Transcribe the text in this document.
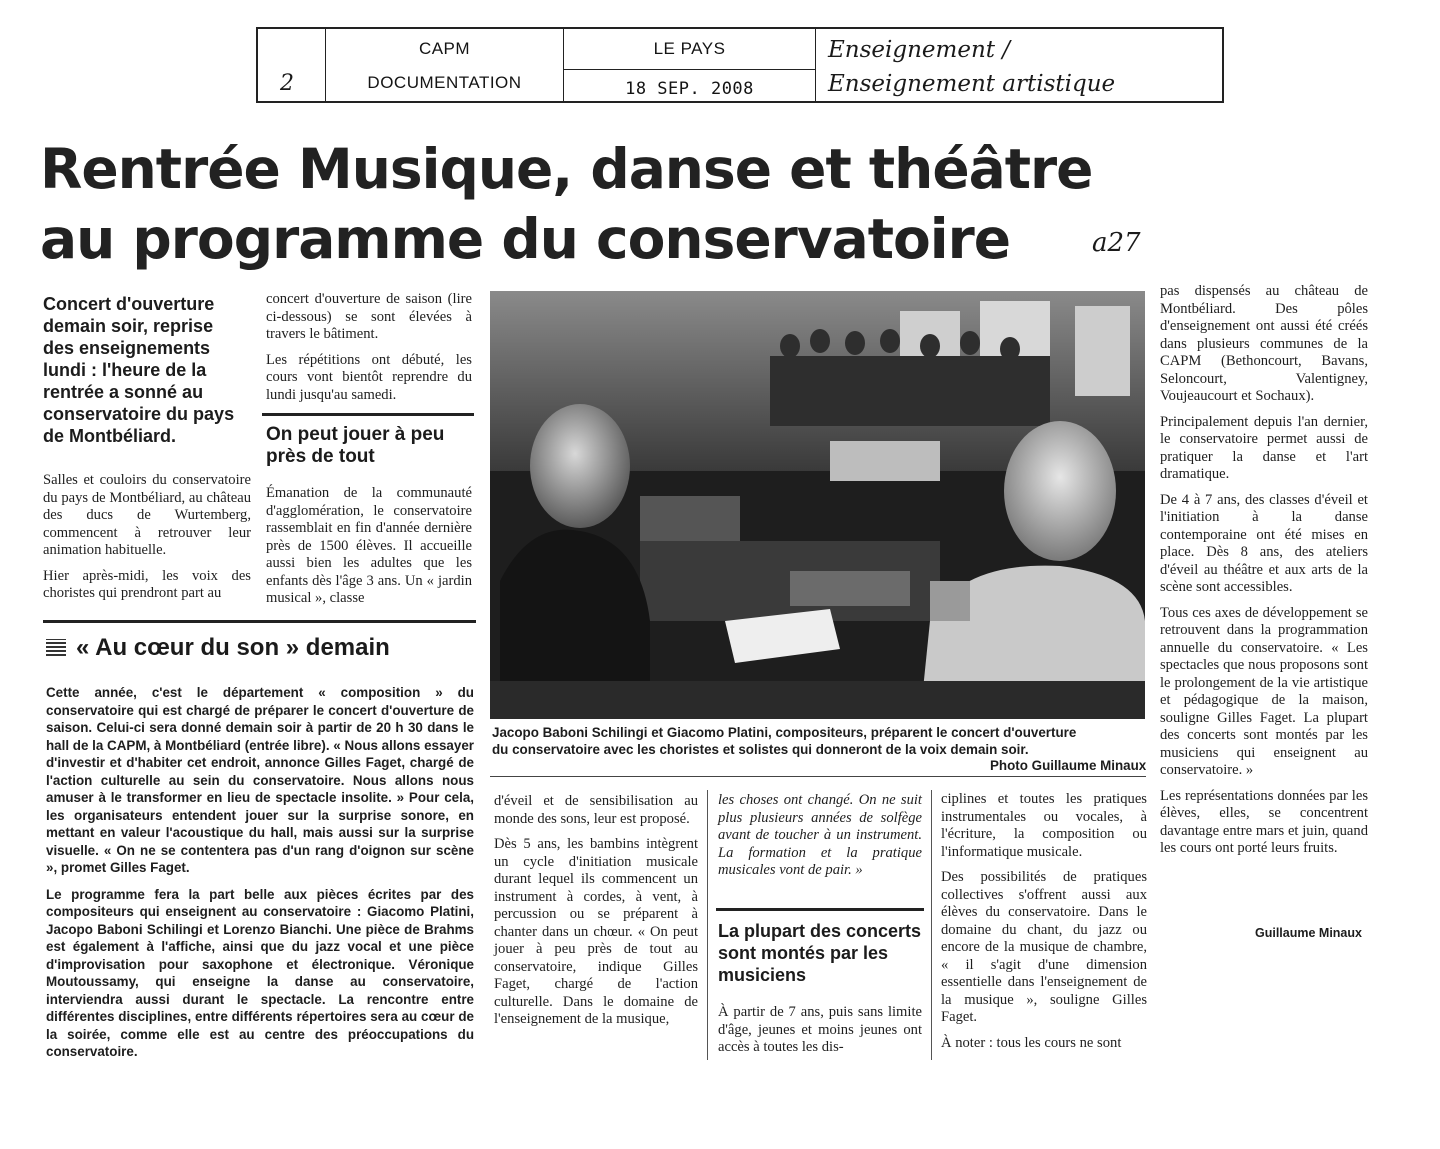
2
CAPM
DOCUMENTATION
LE PAYS
18 SEP. 2008
Enseignement /
Enseignement artistique
Rentrée Musique, danse et théâtre
au programme du conservatoire	a27
Concert d'ouverture demain soir, reprise des enseignements lundi : l'heure de la rentrée a sonné au conservatoire du pays de Montbéliard.

Salles et couloirs du conservatoire du pays de Montbéliard, au château des ducs de Wurtemberg, commencent à retrouver leur animation habituelle.

Hier après-midi, les voix des choristes qui prendront part au

concert d'ouverture de saison (lire ci-dessous) se sont élevées à travers le bâtiment.

Les répétitions ont débuté, les cours vont bientôt reprendre du lundi jusqu'au samedi.

On peut jouer à peu près de tout
Émanation de la communauté d'agglomération, le conservatoire rassemblait en fin d'année dernière près de 1500 élèves. Il accueille aussi bien les adultes que les enfants dès l'âge 3 ans. Un « jardin musical », classe
« Au cœur du son » demain

Cette année, c'est le département « composition » du conservatoire qui est chargé de préparer le concert d'ouverture de saison. Celui-ci sera donné demain soir à partir de 20 h 30 dans le hall de la CAPM, à Montbéliard (entrée libre). « Nous allons essayer d'investir et d'habiter cet endroit, annonce Gilles Faget, chargé de l'action culturelle au sein du conservatoire. Nous allons nous amuser à le transformer en lieu de spectacle insolite. » Pour cela, les organisateurs entendent jouer sur la surprise sonore, en mettant en valeur l'acoustique du hall, mais aussi sur la surprise visuelle. « On ne se contentera pas d'un rang d'oignon sur scène », promet Gilles Faget.

Le programme fera la part belle aux pièces écrites par des compositeurs qui enseignent au conservatoire : Giacomo Platini, Jacopo Baboni Schilingi et Lorenzo Bianchi. Une pièce de Brahms est également à l'affiche, ainsi que du jazz vocal et une pièce d'improvisation pour saxophone et électronique. Véronique Moutoussamy, qui enseigne la danse au conservatoire, interviendra aussi durant le spectacle. La rencontre entre différentes disciplines, entre différents répertoires sera au cœur de la soirée, comme elle est au centre des préoccupations du conservatoire.

Jacopo Baboni Schilingi et Giacomo Platini, compositeurs, préparent le concert d'ouverture du conservatoire avec les choristes et solistes qui donneront de la voix demain soir.
Photo Guillaume Minaux

d'éveil et de sensibilisation au monde des sons, leur est proposé.

Dès 5 ans, les bambins intègrent un cycle d'initiation musicale durant lequel ils commencent un instrument à cordes, à vent, à percussion ou se préparent à chanter dans un chœur. « On peut jouer à peu près de tout au conservatoire, indique Gilles Faget, chargé de l'action culturelle. Dans le domaine de l'enseignement de la musique,

les choses ont changé. On ne suit plus plusieurs années de solfège avant de toucher à un instrument. La formation et la pratique musicales vont de pair. »
La plupart des concerts sont montés par les musiciens
À partir de 7 ans, puis sans limite d'âge, jeunes et moins jeunes ont accès à toutes les dis-

ciplines et toutes les pratiques instrumentales ou vocales, à l'écriture, la composition ou l'informatique musicale.

Des possibilités de pratiques collectives s'offrent aussi aux élèves du conservatoire. Dans le domaine du chant, du jazz ou encore de la musique de chambre, « il s'agit d'une dimension essentielle dans l'enseignement de la musique », souligne Gilles Faget.

À noter : tous les cours ne sont

pas dispensés au château de Montbéliard. Des pôles d'enseignement ont aussi été créés dans plusieurs communes de la CAPM (Bethoncourt, Bavans, Seloncourt, Valentigney, Voujeaucourt et Sochaux).

Principalement depuis l'an dernier, le conservatoire permet aussi de pratiquer la danse et l'art dramatique.

De 4 à 7 ans, des classes d'éveil et l'initiation à la danse contemporaine ont été mises en place. Dès 8 ans, des ateliers d'éveil au théâtre et aux arts de la scène sont accessibles.

Tous ces axes de développement se retrouvent dans la programmation annuelle du conservatoire. « Les spectacles que nous proposons sont le prolongement de la vie artistique et pédagogique de la maison, souligne Gilles Faget. La plupart des concerts sont montés par les musiciens qui enseignent au conservatoire. »

Les représentations données par les élèves, elles, se concentrent davantage entre mars et juin, quand les cours ont porté leurs fruits.

Guillaume Minaux
